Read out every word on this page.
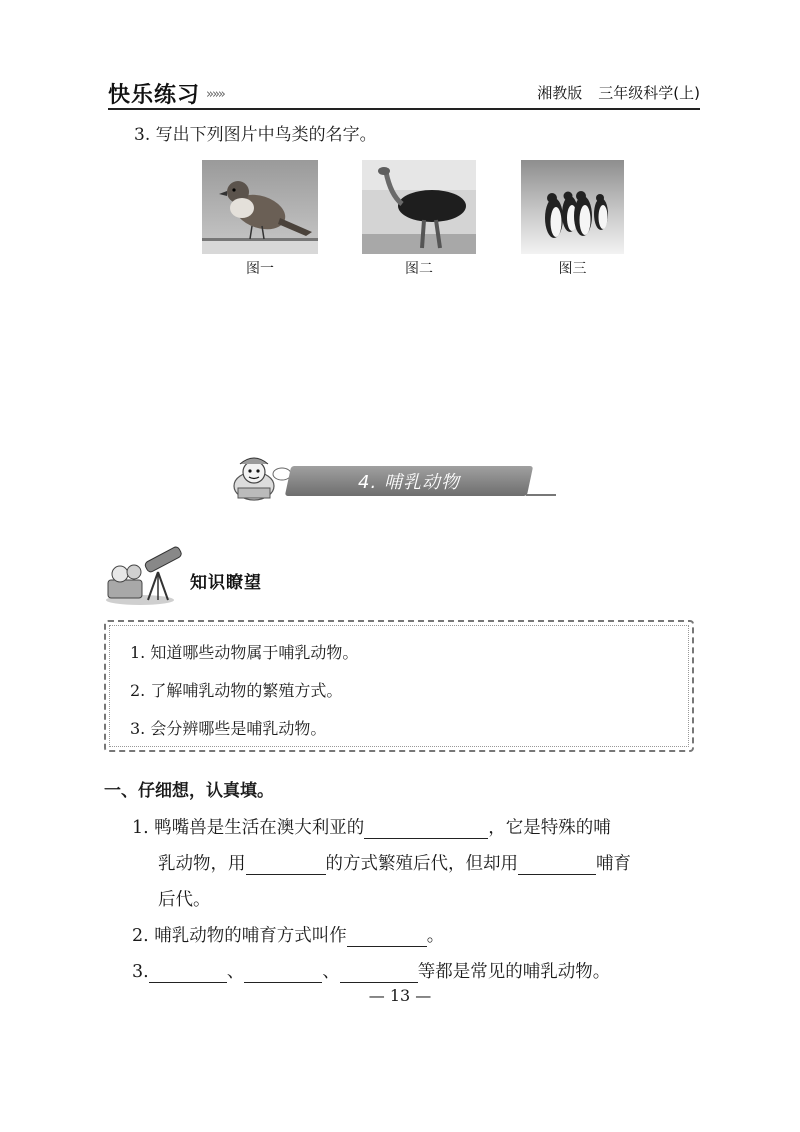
快乐练习 »»»	湘教版 三年级科学(上)
3. 写出下列图片中鸟类的名字。
图一	图二	图三
4. 哺乳动物
知识瞭望
1. 知道哪些动物属于哺乳动物。
2. 了解哺乳动物的繁殖方式。
3. 会分辨哪些是哺乳动物。
一、仔细想，认真填。
1. 鸭嘴兽是生活在澳大利亚的	，它是特殊的哺
乳动物，用	的方式繁殖后代，但却用	哺育
后代。
2. 哺乳动物的哺育方式叫作	。
3.	、	、	等都是常见的哺乳动物。
— 13 —
